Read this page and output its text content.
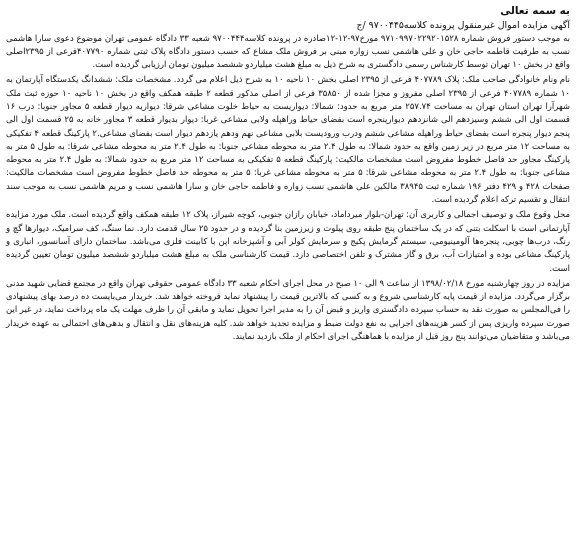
به سمه تعالی

آگهی مزایده اموال غیرمنقول پرونده کلاسه۹۷۰۰۴۴۵ /ج

به موجب دستور فروش شماره ۹۷۱۰۹۹۷۰۲۲۹۲۰۱۵۲۸ مورخ۹۷-۱۲-۱۲صادره در پرونده کلاسه۹۷۰۰۴۴۴ شعبه ۳۳ دادگاه عمومی تهران موضوع دعوی سارا هاشمی نسب به طرفیت قاطمه حاجی خان و علی هاشمی نسب زواره مبنی بر فروش ملک مشاع که حسب دستور دادگاه پلاک ثبتی شماره ۴۰۷۷۹۰فرعی از ۲۳۹۵اصلی واقع در بخش ۱۰ تهران توسط کارشناس رسمی دادگستری به شرح ذیل به مبلغ هشت میلیاردو ششصد میلیون تومان ارزیابی گردیده است.

نام ونام خانوادگی صاحب ملک: پلاک ۴۰۷۷۸۹ فرعی از ۲۳۹۵ اصلی بخش ۱۰ ناحیه ۱۰ به شرح ذیل اعلام می گردد. مشخصات ملک: ششدانگ یکدستگاه آپارتمان به ۱۰ شماره ۴۰۷۷۸۹ فرعی از ۲۳۹۵ اصلی مفروز و مجزا شده از ۳۵۸۵۰ فرعی از اصلی مذکور قطعه ۲ طبقه همکف واقع در بخش ۱۰ ناحیه ۱۰ حوزه ثبت ملک شهرآرا تهران استان تهران به مساحت ۲۵۷.۷۴ متر مربع به حدود: شمالا: دیواریست به حیاط خلوت مشاعی شرقا: دیواریه دیوار قطعه ۵ مجاور جنوبا: درب ۱۶ قسمت اول الی ششم وسیزدهم الی شانزدهم دیوارپنجره است بفضای حیاط وراهپله ولابی مشاعی غربا: دیوار بدیوار قطعه ۳ مجاور خانه به ۲۵ قسمت اول الی پنجم دیوار پنجره است بفضای حیاط وراهپله مشاعی ششم ودرب ورودیست بلابی مشاعی نهم ودهم یازدهم دیوار است بفضای مشاعی.۲ پارکینگ قطعه ۴ تفکیکی به مساحت ۱۲ متر مربع در زیر زمین واقع به حدود شمالا: به طول ۲.۴ متر به محوطه مشاعی جنوبا: به طول ۲.۴ متر به محوطه مشاعی شرقا: به طول ۵ متر به پارکینگ مجاور حد فاصل خطوط مفروض است مشخصات مالکیت: پارکینگ قطعه ۵ تفکیکی به مساحت ۱۲ متر مربع به حدود شمالا: به طول ۲.۴ متر به محوطه مشاعی جنوبا: به طول ۲.۴ متر به محوطه مشاعی شرقا: ۵ متر به محوطه مشاعی غربا: ۵ متر به محوطه حد فاصل خطوط مفروض است مشخصات مالکیت: صفحات ۴۲۸ و ۴۲۹ دفتر ۱۹۶ شماره ثبت ۳۸۹۴۵ مالکین علی هاشمی نسب زواره و فاطمه حاجی خان و سارا هاشمی نسب و مریم هاشمی نسب به موجب سند انتقال و تقسیم ترکه اعلام گردیده است.

محل وقوع ملک و توصیف اجمالی و کاربری آن: تهران-بلوار میرداماد، خیابان رازان جنوبی، کوچه شیراز، پلاک ۱۲ طبقه همکف واقع گردیده است. ملک مورد مزایده آپارتمانی است با اسکلت بتنی که در یک ساختمان پنج طبقه روی پیلوت و زیرزمین بنا گردیده و در حدود ۲۵ سال قدمت دارد. نما سنگ، کف سرامیک، دیوارها گچ و رنگ، درب‌ها چوبی، پنجره‌ها آلومینیومی، سیستم گرمایش پکیج و سرمایش کولر آبی و آشپزخانه اپن با کابینت فلزی می‌باشد. ساختمان دارای آسانسور، انباری و پارکینگ مشاعی بوده و امتیازات آب، برق و گاز مشترک و تلفن اختصاصی دارد. قیمت کارشناسی ملک به مبلغ هشت میلیاردو ششصد میلیون تومان تعیین گردیده است.

مزایده در روز چهارشنبه مورخ ۱۳۹۸/۰۲/۱۸ از ساعت ۹ الی ۱۰ صبح در محل اجرای احکام شعبه ۳۳ دادگاه عمومی حقوقی تهران واقع در مجتمع قضایی شهید مدنی برگزار می‌گردد. مزایده از قیمت پایه کارشناسی شروع و به کسی که بالاترین قیمت را پیشنهاد نماید فروخته خواهد شد. خریدار می‌بایست ده درصد بهای پیشنهادی را فی‌المجلس به صورت نقد به حساب سپرده دادگستری واریز و قبض آن را به مدیر اجرا تحویل نماید و مابقی آن را ظرف مهلت یک ماه پرداخت نماید، در غیر این صورت سپرده واریزی پس از کسر هزینه‌های اجرایی به نفع دولت ضبط و مزایده تجدید خواهد شد. کلیه هزینه‌های نقل و انتقال و بدهی‌های احتمالی به عهده خریدار می‌باشد و متقاضیان می‌توانند پنج روز قبل از مزایده با هماهنگی اجرای احکام از ملک بازدید نمایند.
